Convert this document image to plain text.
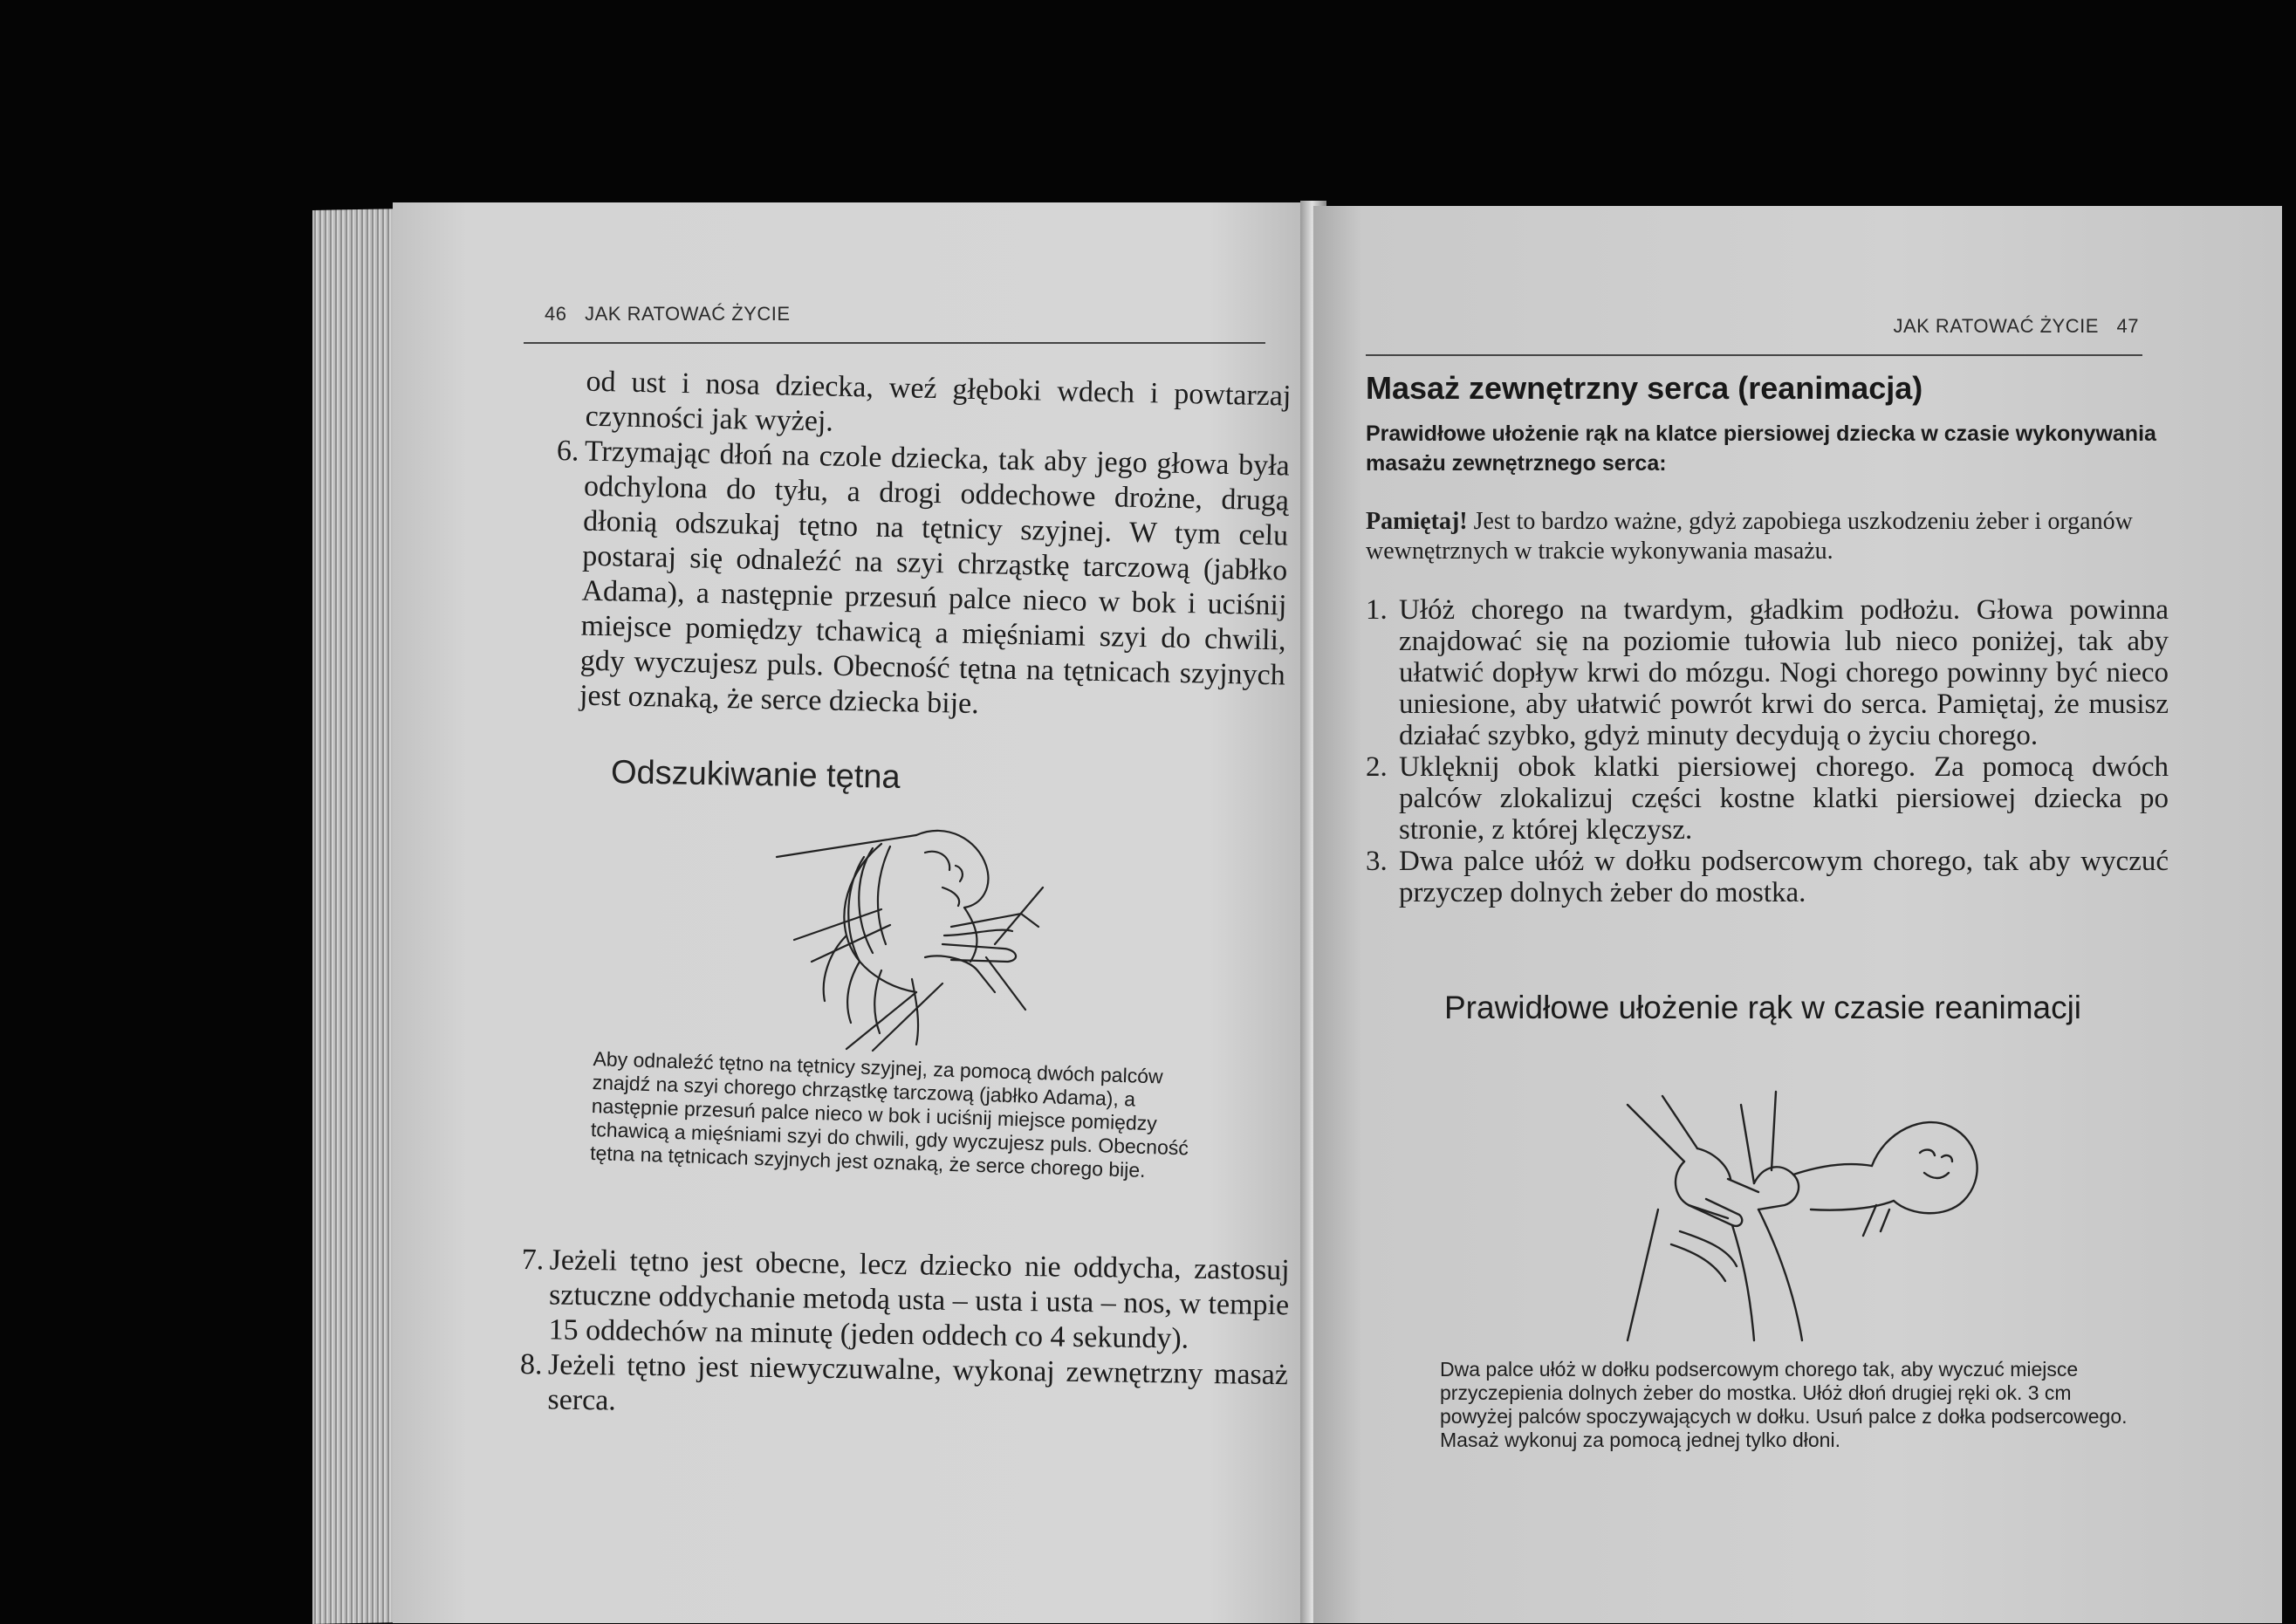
46 JAK RATOWAĆ ŻYCIE

od ust i nosa dziecka, weź głęboki wdech i powtarzaj czynności jak wyżej.

6. Trzymając dłoń na czole dziecka, tak aby jego głowa była odchylona do tyłu, a drogi oddechowe drożne, drugą dłonią odszukaj tętno na tętnicy szyjnej. W tym celu postaraj się odnaleźć na szyi chrząstkę tarczową (jabłko Adama), a następnie przesuń palce nieco w bok i uciśnij miejsce pomiędzy tchawicą a mięśniami szyi do chwili, gdy wyczujesz puls. Obecność tętna na tętnicach szyjnych jest oznaką, że serce dziecka bije.
Odszukiwanie tętna
Aby odnaleźć tętno na tętnicy szyjnej, za pomocą dwóch palców znajdź na szyi chorego chrząstkę tarczową (jabłko Adama), a następnie przesuń palce nieco w bok i uciśnij miejsce pomiędzy tchawicą a mięśniami szyi do chwili, gdy wyczujesz puls. Obecność tętna na tętnicach szyjnych jest oznaką, że serce chorego bije.
7. Jeżeli tętno jest obecne, lecz dziecko nie oddycha, zastosuj sztuczne oddychanie metodą usta – usta i usta – nos, w tempie 15 oddechów na minutę (jeden oddech co 4 sekundy).
8. Jeżeli tętno jest niewyczuwalne, wykonaj zewnętrzny masaż serca.
JAK RATOWAĆ ŻYCIE 47
Masaż zewnętrzny serca (reanimacja)
Prawidłowe ułożenie rąk na klatce piersiowej dziecka w czasie wykonywania masażu zewnętrznego serca:
Pamiętaj! Jest to bardzo ważne, gdyż zapobiega uszkodzeniu żeber i organów wewnętrznych w trakcie wykonywania masażu.
1. Ułóż chorego na twardym, gładkim podłożu. Głowa powinna znajdować się na poziomie tułowia lub nieco poniżej, tak aby ułatwić dopływ krwi do mózgu. Nogi chorego powinny być nieco uniesione, aby ułatwić powrót krwi do serca. Pamiętaj, że musisz działać szybko, gdyż minuty decydują o życiu chorego.
2. Uklęknij obok klatki piersiowej chorego. Za pomocą dwóch palców zlokalizuj części kostne klatki piersiowej dziecka po stronie, z której klęczysz.
3. Dwa palce ułóż w dołku podsercowym chorego, tak aby wyczuć przyczep dolnych żeber do mostka.
Prawidłowe ułożenie rąk w czasie reanimacji
Dwa palce ułóż w dołku podsercowym chorego tak, aby wyczuć miejsce przyczepienia dolnych żeber do mostka. Ułóż dłoń drugiej ręki ok. 3 cm powyżej palców spoczywających w dołku. Usuń palce z dołka podsercowego. Masaż wykonuj za pomocą jednej tylko dłoni.
